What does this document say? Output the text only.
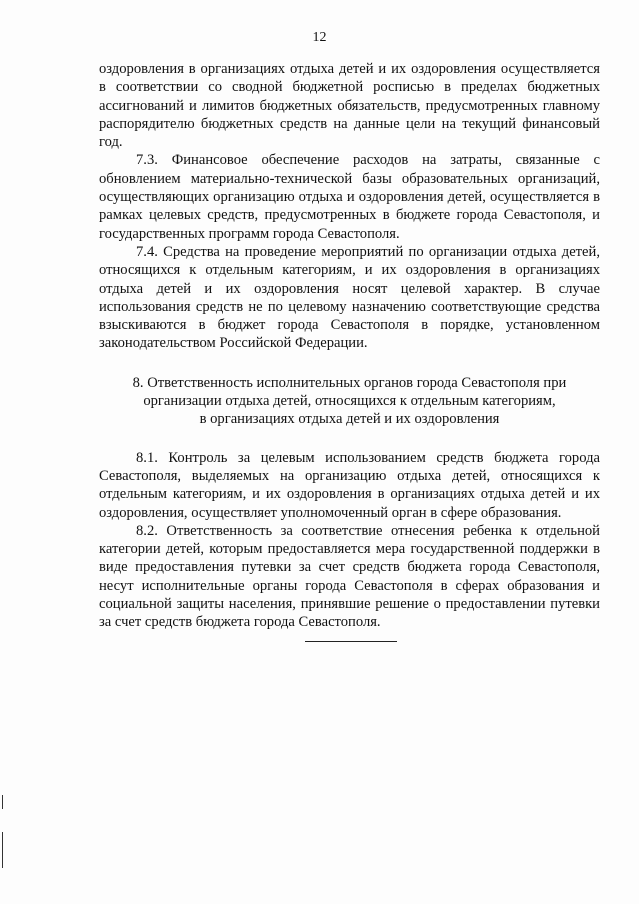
12

оздоровления в организациях отдыха детей и их оздоровления осуществляется в соответствии со сводной бюджетной росписью в пределах бюджетных ассигнований и лимитов бюджетных обязательств, предусмотренных главному распорядителю бюджетных средств на данные цели на текущий финансовый год.

7.3. Финансовое обеспечение расходов на затраты, связанные с обновлением материально-технической базы образовательных организаций, осуществляющих организацию отдыха и оздоровления детей, осуществляется в рамках целевых средств, предусмотренных в бюджете города Севастополя, и государственных программ города Севастополя.

7.4. Средства на проведение мероприятий по организации отдыха детей, относящихся к отдельным категориям, и их оздоровления в организациях отдыха детей и их оздоровления носят целевой характер. В случае использования средств не по целевому назначению соответствующие средства взыскиваются в бюджет города Севастополя в порядке, установленном законодательством Российской Федерации.

8. Ответственность исполнительных органов города Севастополя при
организации отдыха детей, относящихся к отдельным категориям,
в организациях отдыха детей и их оздоровления

8.1. Контроль за целевым использованием средств бюджета города Севастополя, выделяемых на организацию отдыха детей, относящихся к отдельным категориям, и их оздоровления в организациях отдыха детей и их оздоровления, осуществляет уполномоченный орган в сфере образования.

8.2. Ответственность за соответствие отнесения ребенка к отдельной категории детей, которым предоставляется мера государственной поддержки в виде предоставления путевки за счет средств бюджета города Севастополя, несут исполнительные органы города Севастополя в сферах образования и социальной защиты населения, принявшие решение о предоставлении путевки за счет средств бюджета города Севастополя.
